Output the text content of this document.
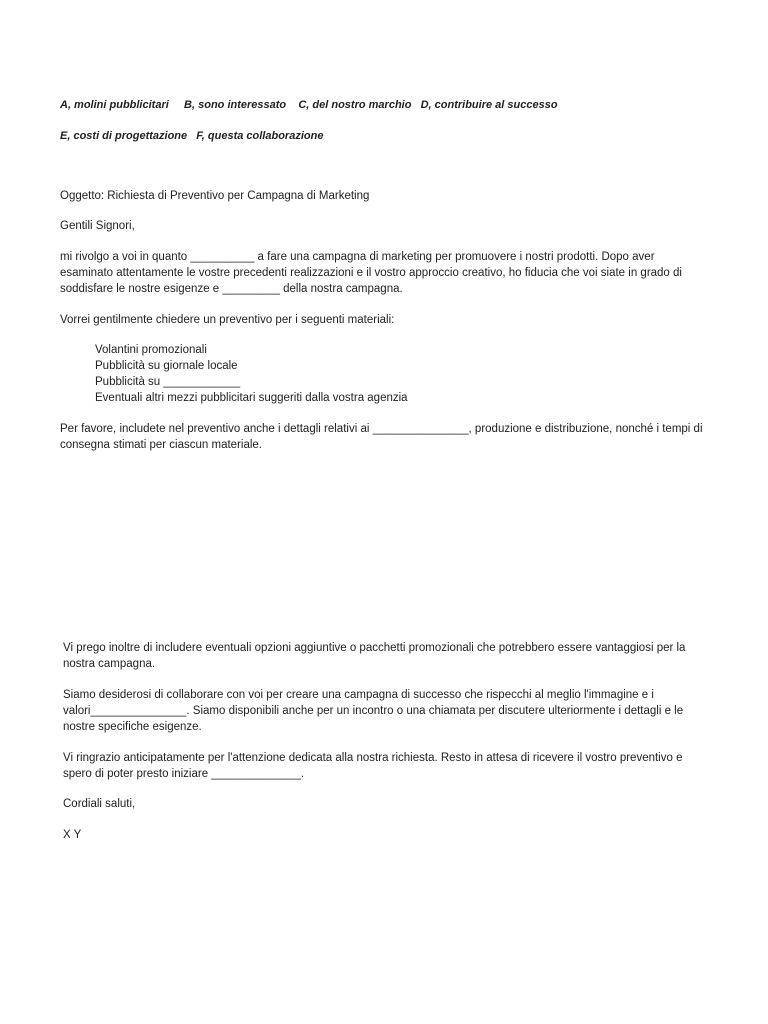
A, molini pubblicitari     B, sono interessato    C, del nostro marchio   D, contribuire al successo
E, costi di progettazione   F, questa collaborazione

Oggetto: Richiesta di Preventivo per Campagna di Marketing

Gentili Signori,

mi rivolgo a voi in quanto __________ a fare una campagna di marketing per promuovere i nostri prodotti. Dopo aver esaminato attentamente le vostre precedenti realizzazioni e il vostro approccio creativo, ho fiducia che voi siate in grado di soddisfare le nostre esigenze e _________ della nostra campagna.

Vorrei gentilmente chiedere un preventivo per i seguenti materiali:

Volantini promozionali
Pubblicità su giornale locale
Pubblicità su ____________
Eventuali altri mezzi pubblicitari suggeriti dalla vostra agenzia

Per favore, includete nel preventivo anche i dettagli relativi ai _______________, produzione e distribuzione, nonché i tempi di consegna stimati per ciascun materiale.

Vi prego inoltre di includere eventuali opzioni aggiuntive o pacchetti promozionali che potrebbero essere vantaggiosi per la nostra campagna.

Siamo desiderosi di collaborare con voi per creare una campagna di successo che rispecchi al meglio l'immagine e i valori_______________. Siamo disponibili anche per un incontro o una chiamata per discutere ulteriormente i dettagli e le nostre specifiche esigenze.

Vi ringrazio anticipatamente per l'attenzione dedicata alla nostra richiesta. Resto in attesa di ricevere il vostro preventivo e spero di poter presto iniziare ______________.

Cordiali saluti,

X Y
